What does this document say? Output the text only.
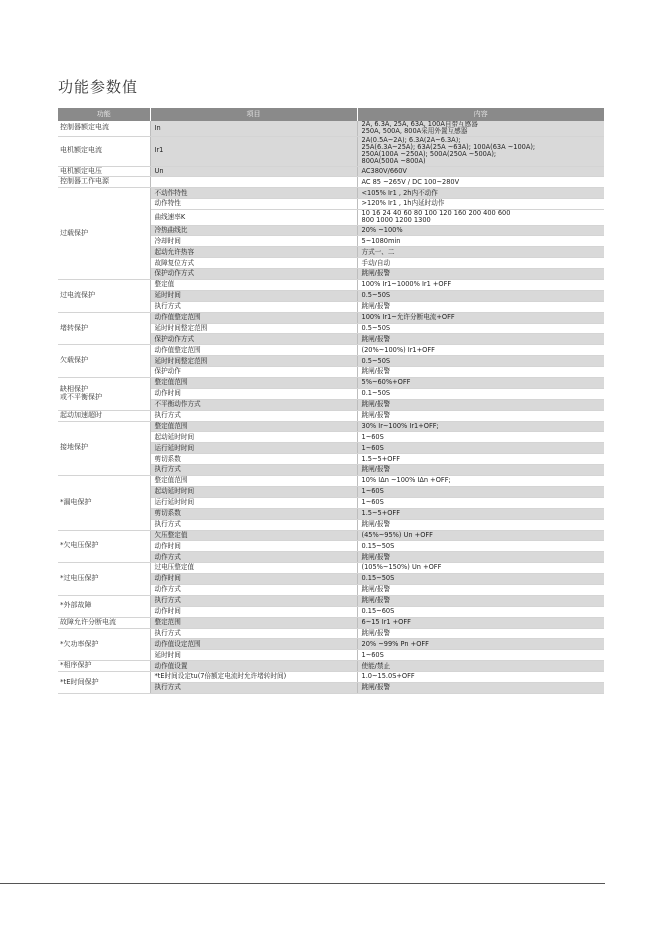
功能参数值
功能	项目	内容
控制器额定电流	In	2A, 6.3A, 25A, 63A, 100A自带互感器
250A, 500A, 800A采用外置互感器

电机额定电流	Ir1	2A(0.5A~2A); 6.3A(2A~6.3A);
25A(6.3A~25A); 63A(25A ~63A); 100A(63A ~100A);
250A(100A ~250A); 500A(250A ~500A);
800A(500A ~800A)

电机额定电压	Un	AC380V/660V

控制器工作电源		AC 85 ~265V / DC 100~280V

过载保护	不动作特性	<105% Ir1 , 2h内不动作

	动作特性	>120% Ir1 , 1h内延时动作

	曲线速率K	10 16 24 40 60 80 100 120 160 200 400 600
800 1000 1200 1300

	冷热曲线比	20% ~100%

	冷却时间	5~1080min

	起动允许热容	方式一、二

	故障复位方式	手动/自动

	保护动作方式	跳闸/报警

过电流保护	整定值	100% Ir1~1000% Ir1 +OFF

	延时时间	0.5~50S

	执行方式	跳闸/报警

堵转保护	动作值整定范围	100% Ir1~允许分断电流+OFF

	延时时间整定范围	0.5~50S

	保护动作方式	跳闸/报警

欠载保护	动作值整定范围	(20%~100%) Ir1+OFF

	延时时间整定范围	0.5~50S

	保护动作	跳闸/报警

缺相保护
或不平衡保护	整定值范围	5%~60%+OFF

	动作时间	0.1~50S

	不平衡动作方式	跳闸/报警

起动加速超时	执行方式	跳闸/报警

接地保护	整定值范围	30% Ir~100% Ir1+OFF;

	起动延时时间	1~60S

	运行延时时间	1~60S

	剪切系数	1.5~5+OFF

	执行方式	跳闸/报警

*漏电保护	整定值范围	10% IΔn ~100% IΔn +OFF;

	起动延时时间	1~60S

	运行延时时间	1~60S

	剪切系数	1.5~5+OFF

	执行方式	跳闸/报警

*欠电压保护	欠压整定值	(45%~95%) Un +OFF

	动作时间	0.15~50S

	动作方式	跳闸/报警

*过电压保护	过电压整定值	(105%~150%) Un +OFF

	动作时间	0.15~50S

	动作方式	跳闸/报警

*外部故障	执行方式	跳闸/报警

	动作时间	0.15~60S

故障允许分断电流	整定范围	6~15 Ir1 +OFF

*欠功率保护	执行方式	跳闸/报警

	动作值设定范围	20% ~99% Pn +OFF

	延时时间	1~60S

*相序保护	动作值设置	使能/禁止

*tE时间保护	*tE时间设定tu(7倍额定电流时允许堵转时间)	1.0~15.0S+OFF

	执行方式	跳闸/报警
